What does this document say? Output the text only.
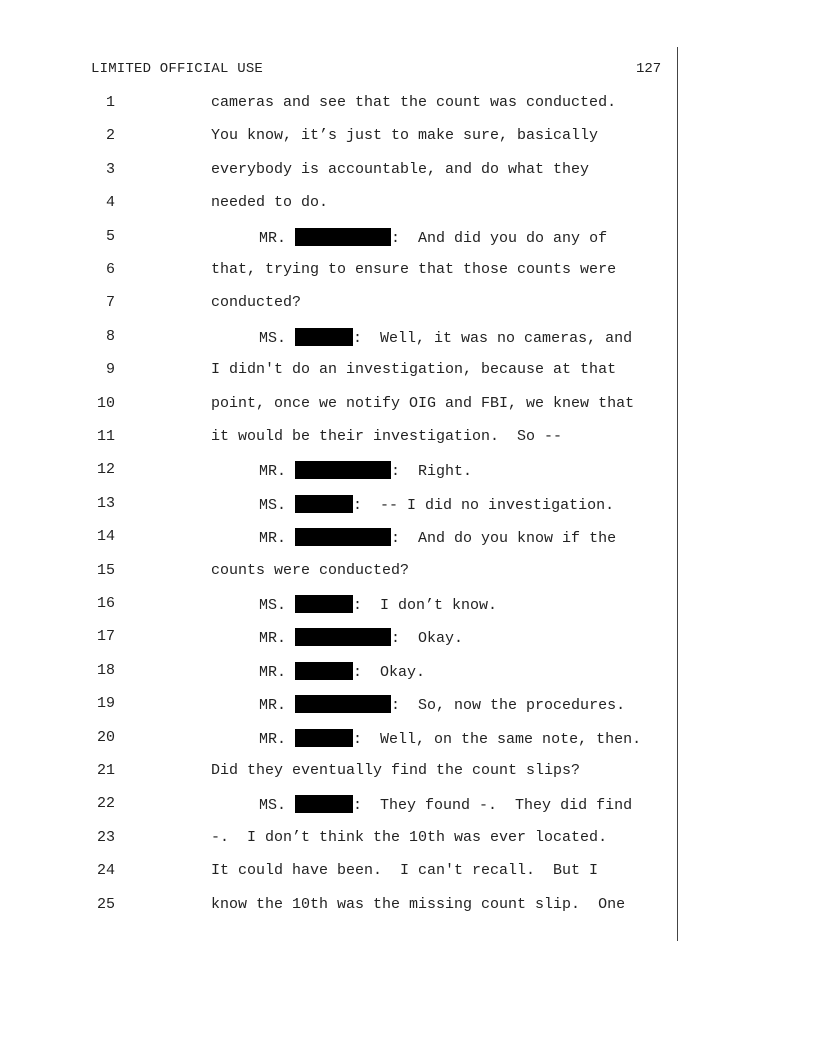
LIMITED OFFICIAL USE	127
1	cameras and see that the count was conducted.
2	You know, it’s just to make sure, basically
3	everybody is accountable, and do what they
4	needed to do.
5	MR.	:  And did you do any of
6	that, trying to ensure that those counts were
7	conducted?
8	MS.	:  Well, it was no cameras, and
9	I didn't do an investigation, because at that
10	point, once we notify OIG and FBI, we knew that
11	it would be their investigation.  So --
12	MR.	:  Right.
13	MS.	:  -- I did no investigation.
14	MR.	:  And do you know if the
15	counts were conducted?
16	MS.	:  I don’t know.
17	MR.	:  Okay.
18	MR.	:  Okay.
19	MR.	:  So, now the procedures.
20	MR.	:  Well, on the same note, then.
21	Did they eventually find the count slips?
22	MS.	:  They found -.  They did find
23	-.  I don’t think the 10th was ever located.
24	It could have been.  I can't recall.  But I
25	know the 10th was the missing count slip.  One
